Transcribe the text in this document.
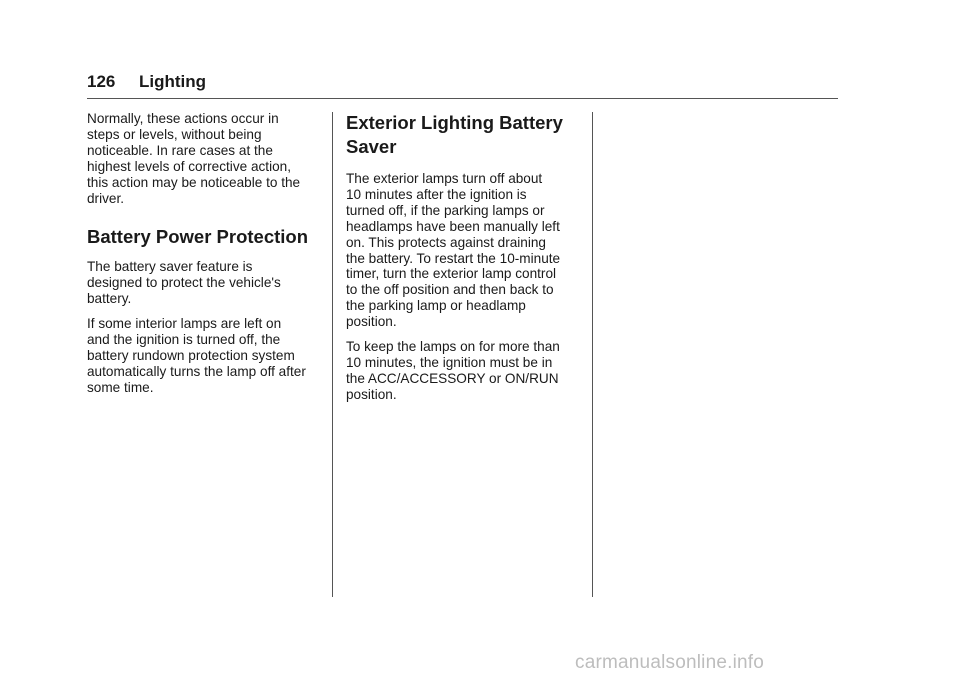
126 Lighting

Normally, these actions occur in
steps or levels, without being
noticeable. In rare cases at the
highest levels of corrective action,
this action may be noticeable to the
driver.

Battery Power Protection

The battery saver feature is
designed to protect the vehicle's
battery.

If some interior lamps are left on
and the ignition is turned off, the
battery rundown protection system
automatically turns the lamp off after
some time.

Exterior Lighting Battery
Saver

The exterior lamps turn off about
10 minutes after the ignition is
turned off, if the parking lamps or
headlamps have been manually left
on. This protects against draining
the battery. To restart the 10-minute
timer, turn the exterior lamp control
to the off position and then back to
the parking lamp or headlamp
position.

To keep the lamps on for more than
10 minutes, the ignition must be in
the ACC/ACCESSORY or ON/RUN
position.

carmanualsonline.info
